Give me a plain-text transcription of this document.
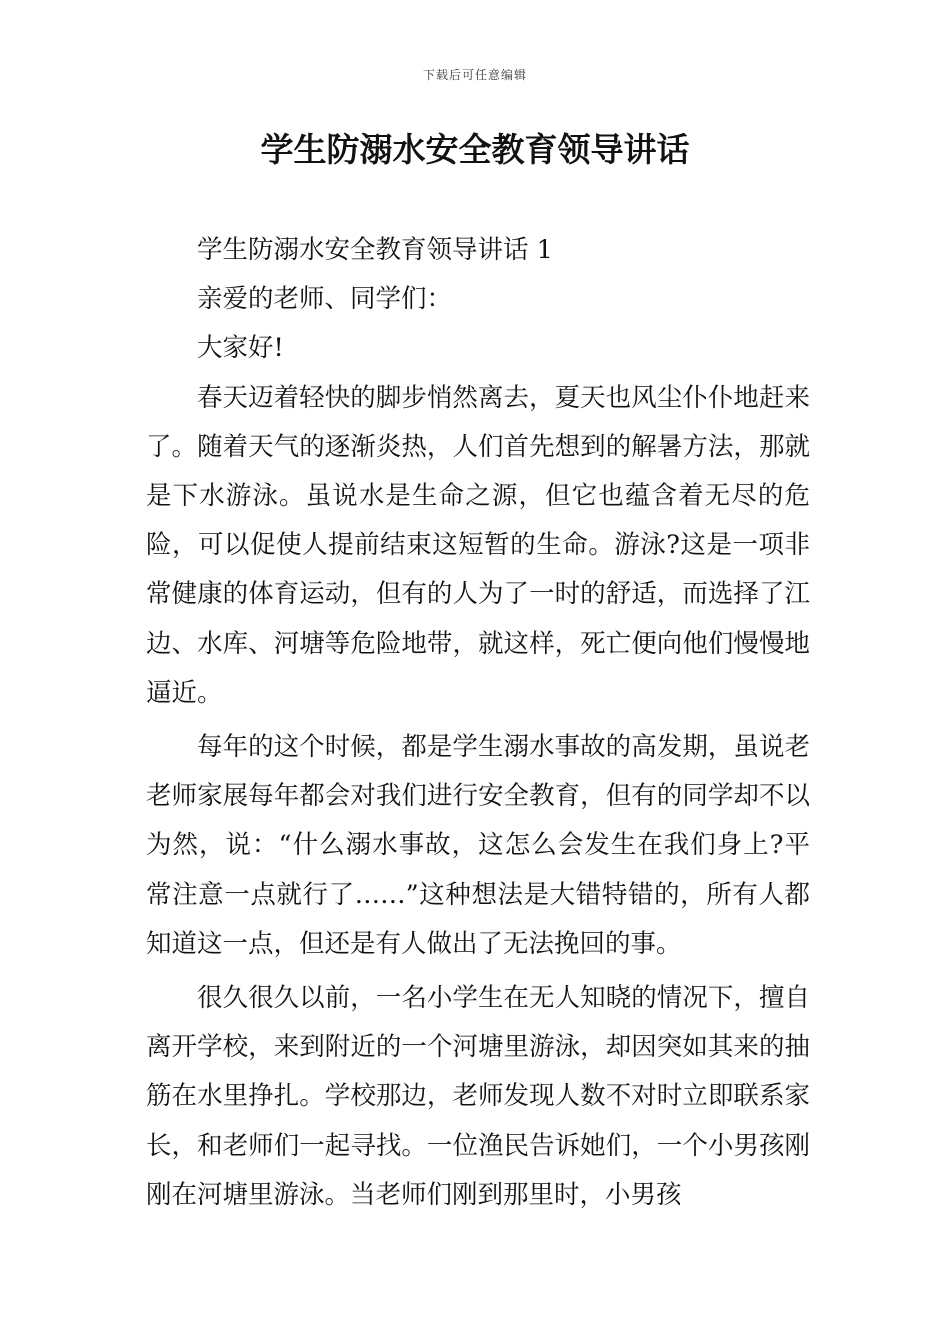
下载后可任意编辑
学生防溺水安全教育领导讲话

学生防溺水安全教育领导讲话 1

亲爱的老师、同学们：

大家好!

春天迈着轻快的脚步悄然离去，夏天也风尘仆仆地赶来了。随着天气的逐渐炎热，人们首先想到的解暑方法，那就是下水游泳。虽说水是生命之源，但它也蕴含着无尽的危险，可以促使人提前结束这短暂的生命。游泳?这是一项非常健康的体育运动，但有的人为了一时的舒适，而选择了江边、水库、河塘等危险地带，就这样，死亡便向他们慢慢地逼近。

每年的这个时候，都是学生溺水事故的高发期，虽说老老师家展每年都会对我们进行安全教育，但有的同学却不以为然，说：“什么溺水事故，这怎么会发生在我们身上?平常注意一点就行了……”这种想法是大错特错的，所有人都知道这一点，但还是有人做出了无法挽回的事。

很久很久以前，一名小学生在无人知晓的情况下，擅自离开学校，来到附近的一个河塘里游泳，却因突如其来的抽筋在水里挣扎。学校那边，老师发现人数不对时立即联系家长，和老师们一起寻找。一位渔民告诉她们，一个小男孩刚刚在河塘里游泳。当老师们刚到那里时，小男孩
